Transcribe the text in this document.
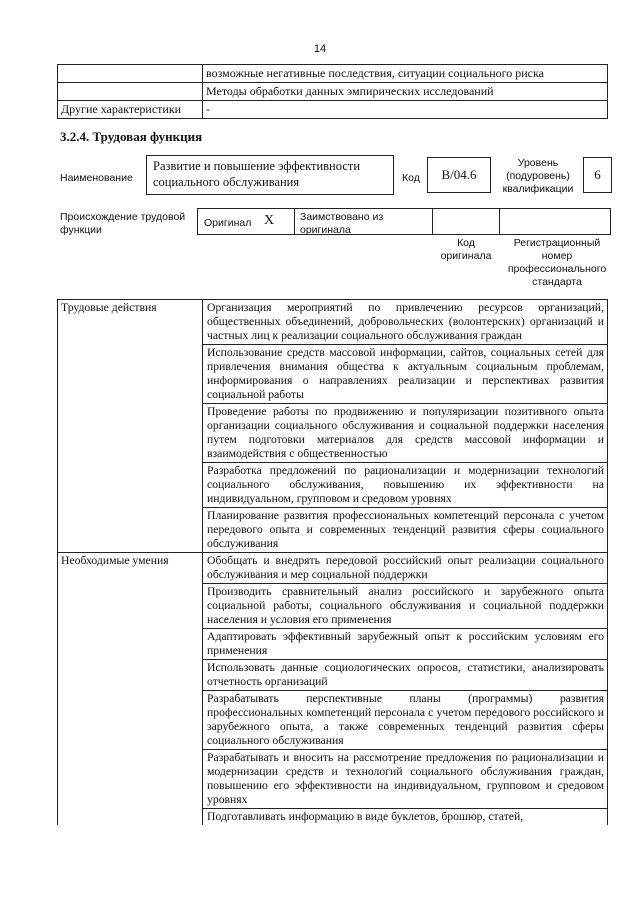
14
	возможные негативные последствия, ситуации социального риска
	Методы обработки данных эмпирических исследований
Другие характеристики	-
3.2.4. Трудовая функция
Наименование
Развитие и повышение эффективности социального обслуживания	Код	B/04.6
Уровень (подуровень) квалификации
6
Происхождение трудовой функции
Оригинал X	Заимствовано из оригинала
Код оригинала
Регистрационный номер профессионального стандарта
Трудовые действия	Организация мероприятий по привлечению ресурсов организаций, общественных объединений, добровольческих (волонтерских) организаций и частных лиц к реализации социального обслуживания граждан
	Использование средств массовой информации, сайтов, социальных сетей для привлечения внимания общества к актуальным социальным проблемам, информирования о направлениях реализации и перспективах развития социальной работы
	Проведение работы по продвижению и популяризации позитивного опыта организации социального обслуживания и социальной поддержки населения путем подготовки материалов для средств массовой информации и взаимодействия с общественностью
	Разработка предложений по рационализации и модернизации технологий социального обслуживания, повышению их эффективности на индивидуальном, групповом и средовом уровнях
	Планирование развития профессиональных компетенций персонала с учетом передового опыта и современных тенденций развития сферы социального обслуживания
Необходимые умения	Обобщать и внедрять передовой российский опыт реализации социального обслуживания и мер социальной поддержки
	Производить сравнительный анализ российского и зарубежного опыта социальной работы, социального обслуживания и социальной поддержки населения и условия его применения
	Адаптировать эффективный зарубежный опыт к российским условиям его применения
	Использовать данные социологических опросов, статистики, анализировать отчетность организаций
	Разрабатывать перспективные планы (программы) развития профессиональных компетенций персонала с учетом передового российского и зарубежного опыта, а также современных тенденций развития сферы социального обслуживания
	Разрабатывать и вносить на рассмотрение предложения по рационализации и модернизации средств и технологий социального обслуживания граждан, повышению его эффективности на индивидуальном, групповом и средовом уровнях
	Подготавливать информацию в виде буклетов, брошюр, статей,
